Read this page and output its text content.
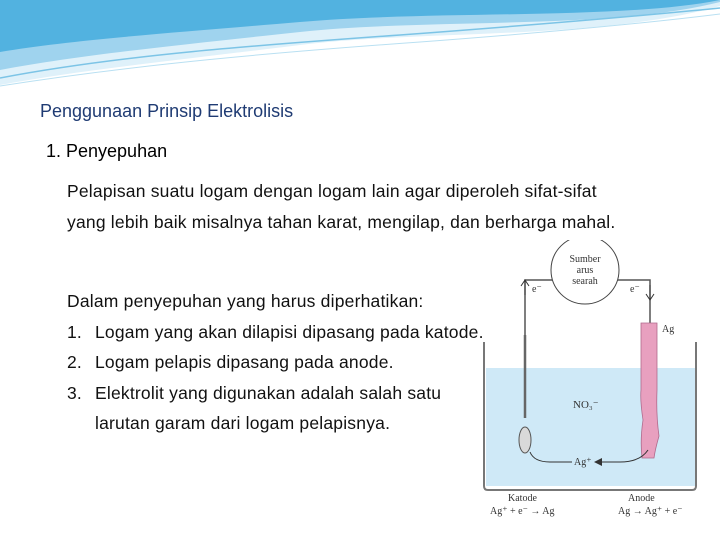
Penggunaan Prinsip Elektrolisis
1. Penyepuhan
Pelapisan suatu logam dengan logam lain agar diperoleh sifat-sifat yang lebih baik misalnya tahan karat, mengilap, dan berharga mahal.

Dalam penyepuhan yang harus diperhatikan:

1. Logam yang akan dilapisi dipasang pada katode.
2. Logam pelapis dipasang pada anode.
3. Elektrolit yang digunakan adalah salah satu larutan garam dari logam pelapisnya.
Sumber
arus
searah
e⁻	e⁻
Ag
NO₃⁻
Ag⁺
Katode
Ag⁺ + e⁻ → Ag
Anode
Ag → Ag⁺ + e⁻
